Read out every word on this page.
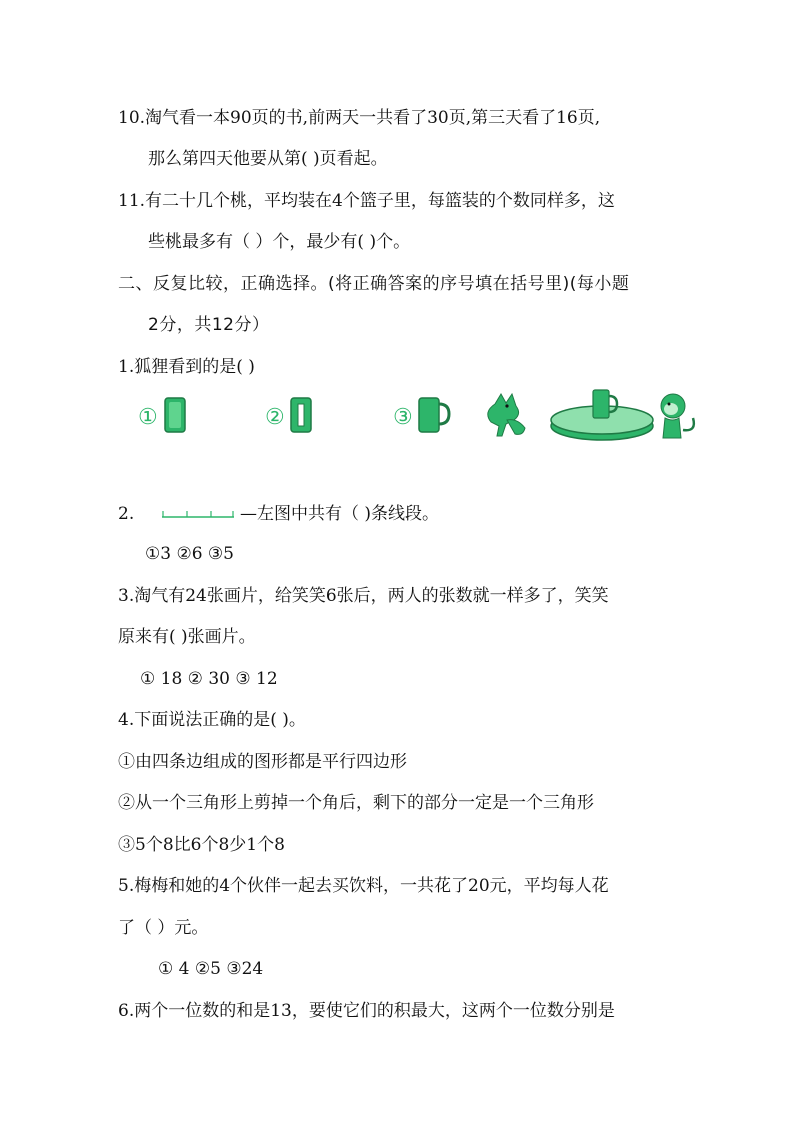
10.淘气看一本90页的书,前两天一共看了30页,第三天看了16页,
那么第四天他要从第( )页看起。
11.有二十几个桃，平均装在4个篮子里，每篮装的个数同样多，这
些桃最多有（ ）个，最少有( )个。
二、反复比较，正确选择。(将正确答案的序号填在括号里)(每小题
2分，共12分）
1.狐狸看到的是( )
①	②	③
2.	—左图中共有（ )条线段。
①3 ②6 ③5
3.淘气有24张画片，给笑笑6张后，两人的张数就一样多了，笑笑
原来有( )张画片。
① 18 ② 30 ③ 12
4.下面说法正确的是( )。
①由四条边组成的图形都是平行四边形
②从一个三角形上剪掉一个角后，剩下的部分一定是一个三角形
③5个8比6个8少1个8
5.梅梅和她的4个伙伴一起去买饮料，一共花了20元，平均每人花
了（ ）元。
① 4 ②5 ③24
6.两个一位数的和是13，要使它们的积最大，这两个一位数分别是
